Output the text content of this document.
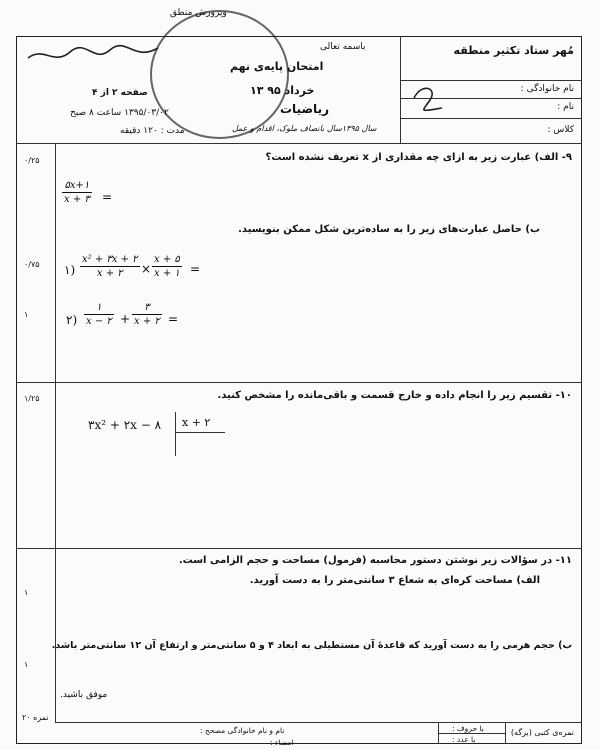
وپرورش منطق
مُهر ستاد تکثیر منطقه
نام خانوادگی :
نام :
کلاس :
باسمه تعالی
امتحان پایه‌ی نهم
خرداد ۹۵ ۱۳
ریاضیات
سال ۱۳۹۵سال بانصاف ملوک، اقدام و عمل
صفحه ۲ از ۴
۱۳۹۵/۰۳/۰۲ ساعت ۸ صبح
مدت : ۱۲۰ دقیقه
۹- الف) عبارت زیر به ازای چه مقداری از x تعریف نشده است؟
۰/۲۵
۵x+۱
x + ۳ =
ب) حاصل عبارت‌های زیر را به ساده‌ترین شکل ممکن بنویسید.
۰/۷۵ ۱)
x² + ۳x + ۲
x + ۲	×
x + ۵
x + ۱ =
۱	۲)
۱
x − ۲ +
۳
x + ۲ =
۱۰- تقسیم زیر را انجام داده و خارج قسمت و باقی‌مانده را مشخص کنید.
۱/۲۵
۳x² + ۲x − ۸ x + ۲
۱۱- در سؤالات زیر نوشتن دستور محاسبه (فرمول) مساحت و حجم الزامی است.
الف) مساحت کره‌ای به شعاع ۳ سانتی‌متر را به دست آورید.
۱
ب) حجم هرمی را به دست آورید که قاعدهٔ آن مستطیلی به ابعاد ۴ و ۵ سانتی‌متر و ارتفاع آن ۱۲ سانتی‌متر باشد.
۱
موفق باشید.
۲۰ نمره
نمره‌ی کتبی (برگه)
با حروف :
با عدد :
نام و نام خانوادگی مصحح :
امضاء :
